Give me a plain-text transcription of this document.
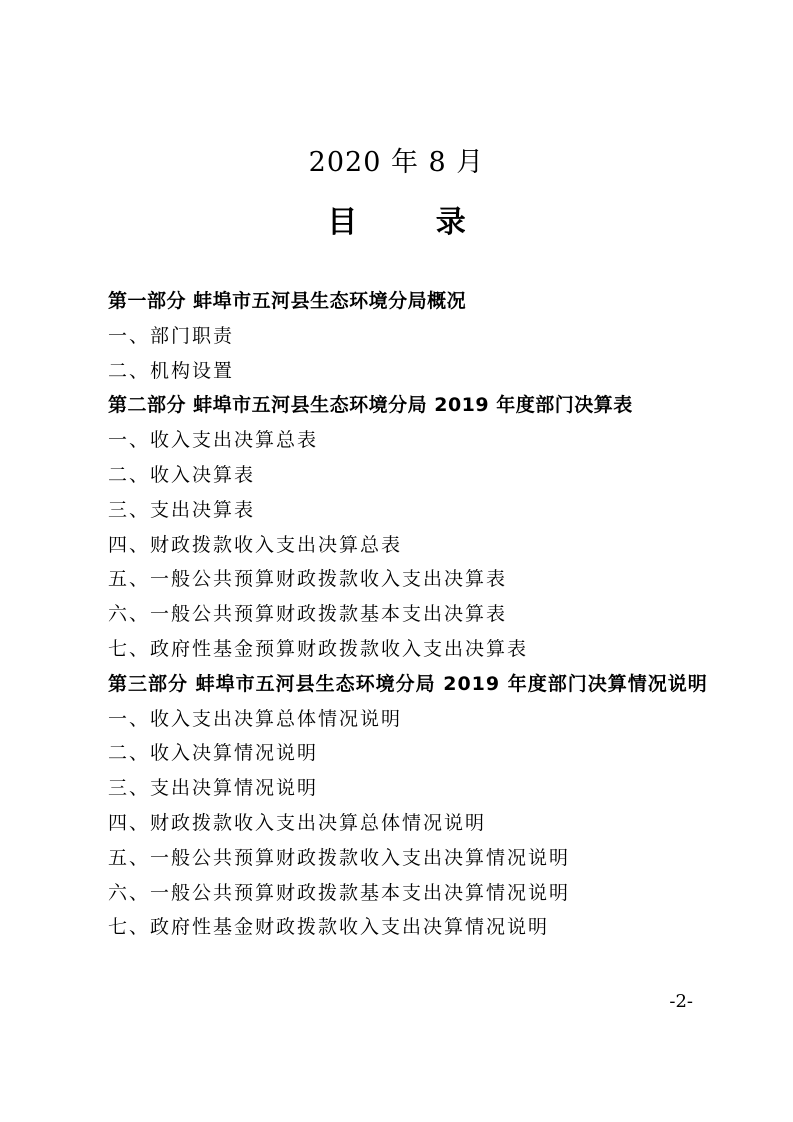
2020 年 8 月
目 录
第一部分 蚌埠市五河县生态环境分局概况
一、部门职责
二、机构设置
第二部分 蚌埠市五河县生态环境分局 2019 年度部门决算表
一、收入支出决算总表
二、收入决算表
三、支出决算表
四、财政拨款收入支出决算总表
五、一般公共预算财政拨款收入支出决算表
六、一般公共预算财政拨款基本支出决算表
七、政府性基金预算财政拨款收入支出决算表
第三部分 蚌埠市五河县生态环境分局 2019 年度部门决算情况说明
一、收入支出决算总体情况说明
二、收入决算情况说明
三、支出决算情况说明
四、财政拨款收入支出决算总体情况说明
五、一般公共预算财政拨款收入支出决算情况说明
六、一般公共预算财政拨款基本支出决算情况说明
七、政府性基金财政拨款收入支出决算情况说明
-2-
